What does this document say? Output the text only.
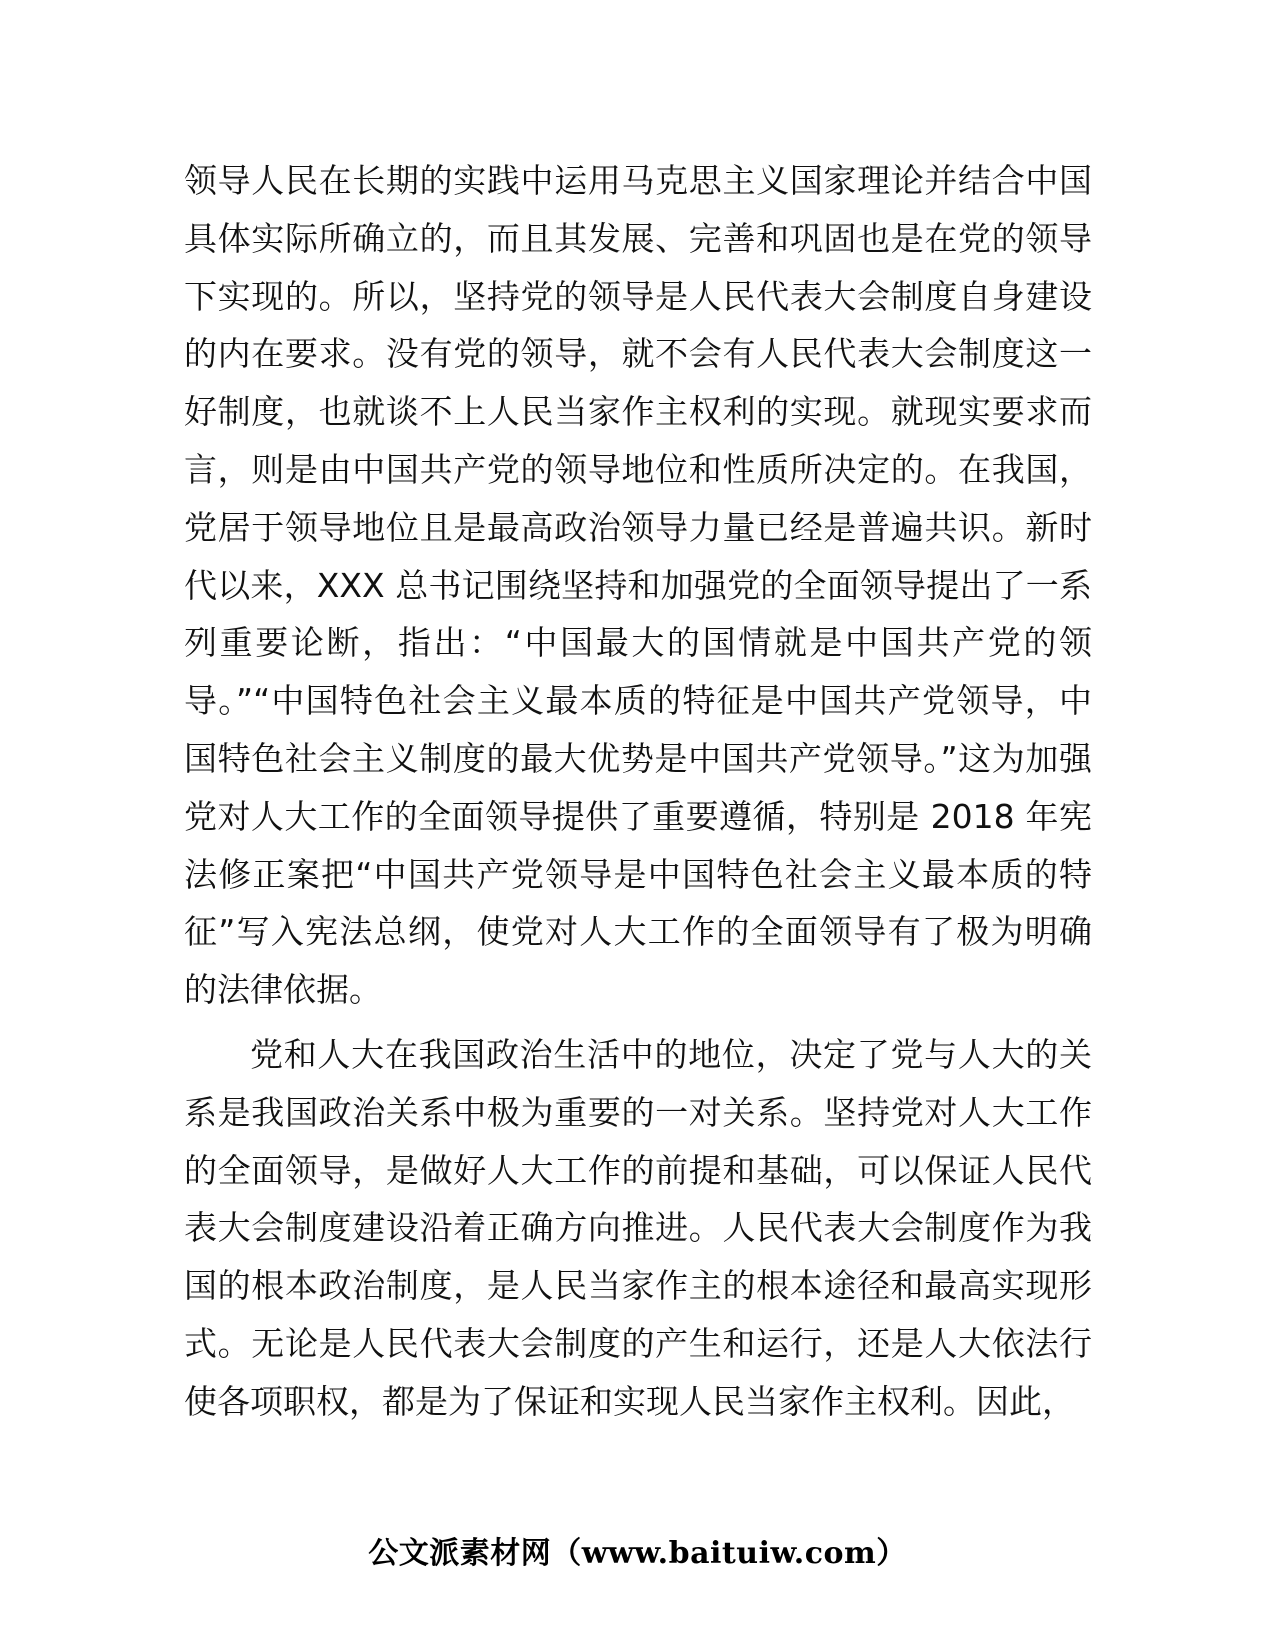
领导人民在长期的实践中运用马克思主义国家理论并结合中国具体实际所确立的，而且其发展、完善和巩固也是在党的领导下实现的。所以，坚持党的领导是人民代表大会制度自身建设的内在要求。没有党的领导，就不会有人民代表大会制度这一好制度，也就谈不上人民当家作主权利的实现。就现实要求而言，则是由中国共产党的领导地位和性质所决定的。在我国，党居于领导地位且是最高政治领导力量已经是普遍共识。新时代以来，XXX 总书记围绕坚持和加强党的全面领导提出了一系列重要论断，指出：“中国最大的国情就是中国共产党的领导。”“中国特色社会主义最本质的特征是中国共产党领导，中国特色社会主义制度的最大优势是中国共产党领导。”这为加强党对人大工作的全面领导提供了重要遵循，特别是 2018 年宪法修正案把“中国共产党领导是中国特色社会主义最本质的特征”写入宪法总纲，使党对人大工作的全面领导有了极为明确的法律依据。

党和人大在我国政治生活中的地位，决定了党与人大的关系是我国政治关系中极为重要的一对关系。坚持党对人大工作的全面领导，是做好人大工作的前提和基础，可以保证人民代表大会制度建设沿着正确方向推进。人民代表大会制度作为我国的根本政治制度，是人民当家作主的根本途径和最高实现形式。无论是人民代表大会制度的产生和运行，还是人大依法行使各项职权，都是为了保证和实现人民当家作主权利。因此，

公文派素材网（www.baituiw.com）
